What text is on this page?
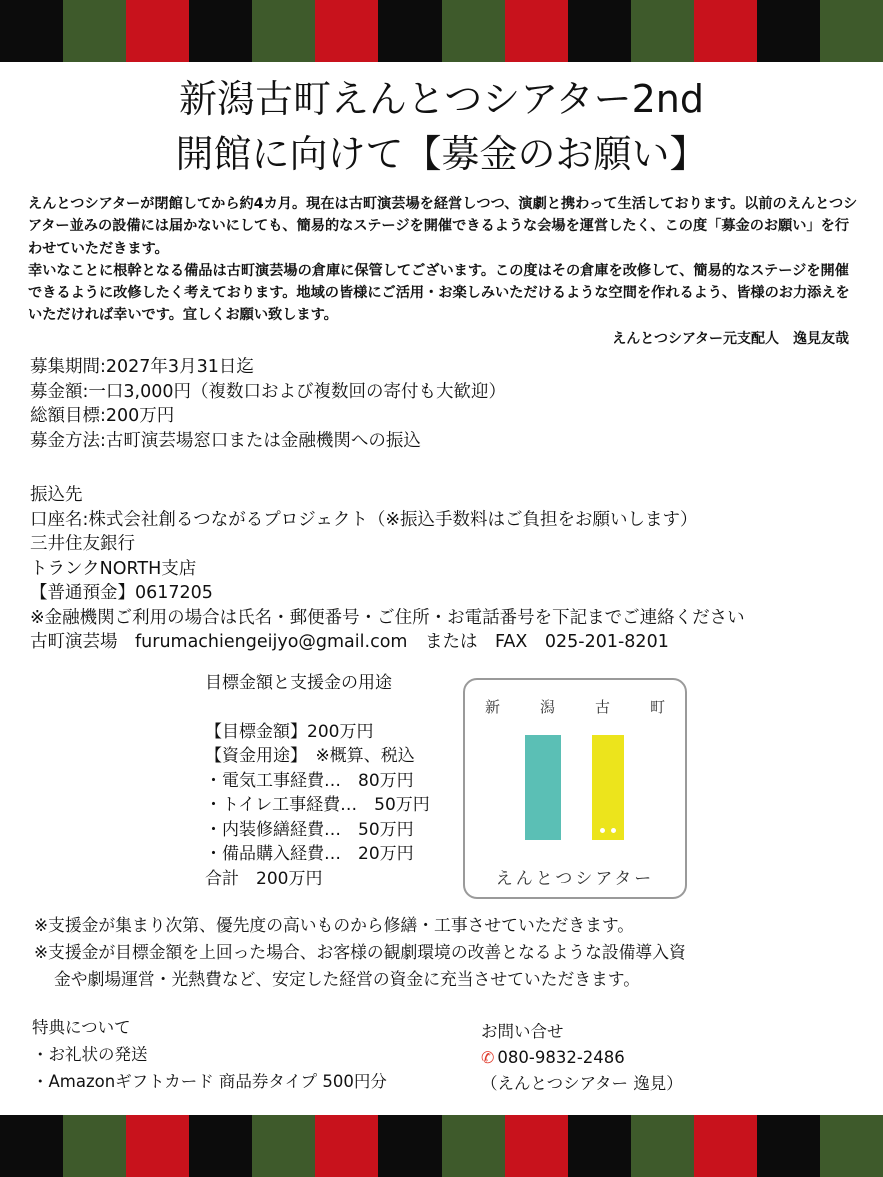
新潟古町えんとつシアター2nd
開館に向けて【募金のお願い】

えんとつシアターが閉館してから約4カ月。現在は古町演芸場を経営しつつ、演劇と携わって生活しております。以前のえんとつシアター並みの設備には届かないにしても、簡易的なステージを開催できるような会場を運営したく、この度「募金のお願い」を行わせていただきます。

幸いなことに根幹となる備品は古町演芸場の倉庫に保管してございます。この度はその倉庫を改修して、簡易的なステージを開催できるように改修したく考えております。地域の皆様にご活用・お楽しみいただけるような空間を作れるよう、皆様のお力添えをいただければ幸いです。宜しくお願い致します。

えんとつシアター元支配人　逸見友哉
募集期間:2027年3月31日迄
募金額:一口3,000円（複数口および複数回の寄付も大歓迎）
総額目標:200万円
募金方法:古町演芸場窓口または金融機関への振込
振込先
口座名:株式会社創るつながるプロジェクト（※振込手数料はご負担をお願いします）
三井住友銀行
トランクNORTH支店
【普通預金】0617205
※金融機関ご利用の場合は氏名・郵便番号・ご住所・お電話番号を下記までご連絡ください
古町演芸場　furumachiengeijyo@gmail.com　または　FAX　025-201-8201
目標金額と支援金の用途
【目標金額】200万円
【資金用途】　※概算、税込
・電気工事経費…　80万円
・トイレ工事経費…　50万円
・内装修繕経費…　50万円
・備品購入経費…　20万円
合計　200万円
新	潟	古	町
えんとつシアター
※支援金が集まり次第、優先度の高いものから修繕・工事させていただきます。
※支援金が目標金額を上回った場合、お客様の観劇環境の改善となるような設備導入資
金や劇場運営・光熱費など、安定した経営の資金に充当させていただきます。
特典について
・お礼状の発送
・Amazonギフトカード 商品券タイプ 500円分
お問い合せ
✆ 080-9832-2486
（えんとつシアター 逸見）
